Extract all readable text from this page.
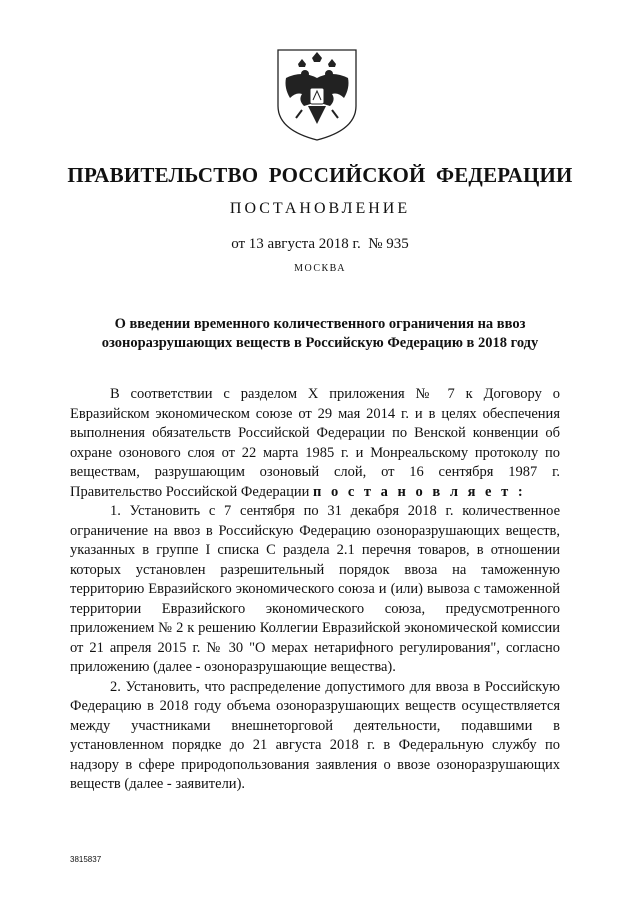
ПРАВИТЕЛЬСТВО РОССИЙСКОЙ ФЕДЕРАЦИИ
ПОСТАНОВЛЕНИЕ
от 13 августа 2018 г. № 935
МОСКВА
О введении временного количественного ограничения на ввоз
озоноразрушающих веществ в Российскую Федерацию в 2018 году

В соответствии с разделом X приложения № 7 к Договору о Евразийском экономическом союзе от 29 мая 2014 г. и в целях обеспечения выполнения обязательств Российской Федерации по Венской конвенции об охране озонового слоя от 22 марта 1985 г. и Монреальскому протоколу по веществам, разрушающим озоновый слой, от 16 сентября 1987 г. Правительство Российской Федерации п о с т а н о в л я е т :

1. Установить с 7 сентября по 31 декабря 2018 г. количественное ограничение на ввоз в Российскую Федерацию озоноразрушающих веществ, указанных в группе I списка С раздела 2.1 перечня товаров, в отношении которых установлен разрешительный порядок ввоза на таможенную территорию Евразийского экономического союза и (или) вывоза с таможенной территории Евразийского экономического союза, предусмотренного приложением № 2 к решению Коллегии Евразийской экономической комиссии от 21 апреля 2015 г. № 30 "О мерах нетарифного регулирования", согласно приложению (далее - озоноразрушающие вещества).

2. Установить, что распределение допустимого для ввоза в Российскую Федерацию в 2018 году объема озоноразрушающих веществ осуществляется между участниками внешнеторговой деятельности, подавшими в установленном порядке до 21 августа 2018 г. в Федеральную службу по надзору в сфере природопользования заявления о ввозе озоноразрушающих веществ (далее - заявители).

3815837
